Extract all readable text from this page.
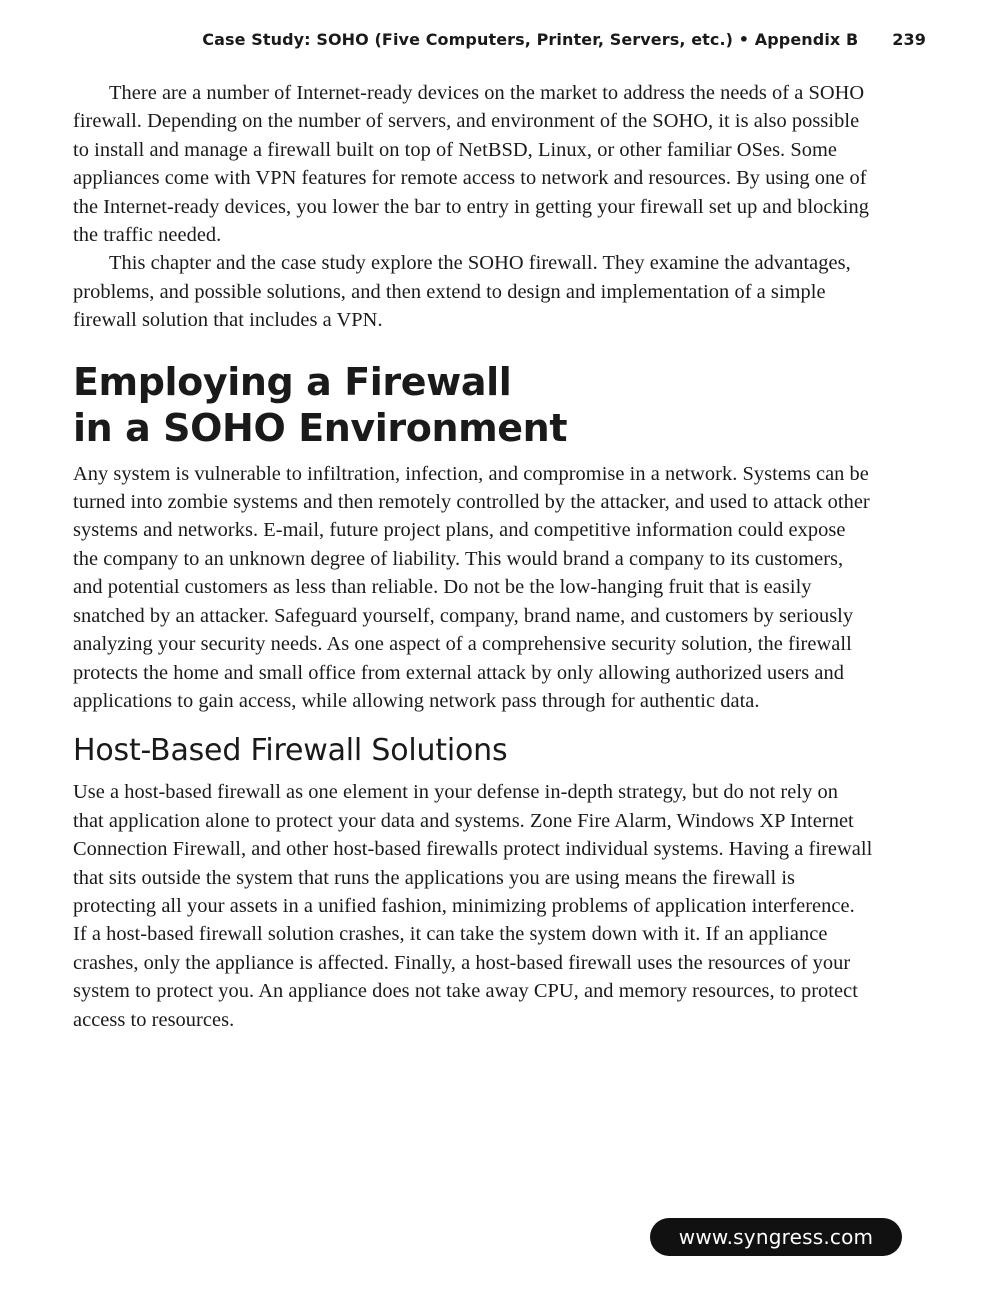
Case Study: SOHO (Five Computers, Printer, Servers, etc.) • Appendix B 239

There are a number of Internet-ready devices on the market to address the needs of a SOHO firewall. Depending on the number of servers, and environment of the SOHO, it is also possible to install and manage a firewall built on top of NetBSD, Linux, or other familiar OSes. Some appliances come with VPN features for remote access to network and resources. By using one of the Internet-ready devices, you lower the bar to entry in getting your firewall set up and blocking the traffic needed.

This chapter and the case study explore the SOHO firewall. They examine the advantages, problems, and possible solutions, and then extend to design and implementation of a simple firewall solution that includes a VPN.

Employing a Firewall
in a SOHO Environment

Any system is vulnerable to infiltration, infection, and compromise in a network. Systems can be turned into zombie systems and then remotely controlled by the attacker, and used to attack other systems and networks. E-mail, future project plans, and competitive information could expose the company to an unknown degree of liability. This would brand a company to its customers, and potential customers as less than reliable. Do not be the low-hanging fruit that is easily snatched by an attacker. Safeguard yourself, company, brand name, and customers by seriously analyzing your security needs. As one aspect of a comprehensive security solution, the firewall protects the home and small office from external attack by only allowing authorized users and applications to gain access, while allowing network pass through for authentic data.

Host-Based Firewall Solutions

Use a host-based firewall as one element in your defense in-depth strategy, but do not rely on that application alone to protect your data and systems. Zone Fire Alarm, Windows XP Internet Connection Firewall, and other host-based firewalls protect individual systems. Having a firewall that sits outside the system that runs the applications you are using means the firewall is protecting all your assets in a unified fashion, minimizing problems of application interference. If a host-based firewall solution crashes, it can take the system down with it. If an appliance crashes, only the appliance is affected. Finally, a host-based firewall uses the resources of your system to protect you. An appliance does not take away CPU, and memory resources, to protect access to resources.

www.syngress.com
